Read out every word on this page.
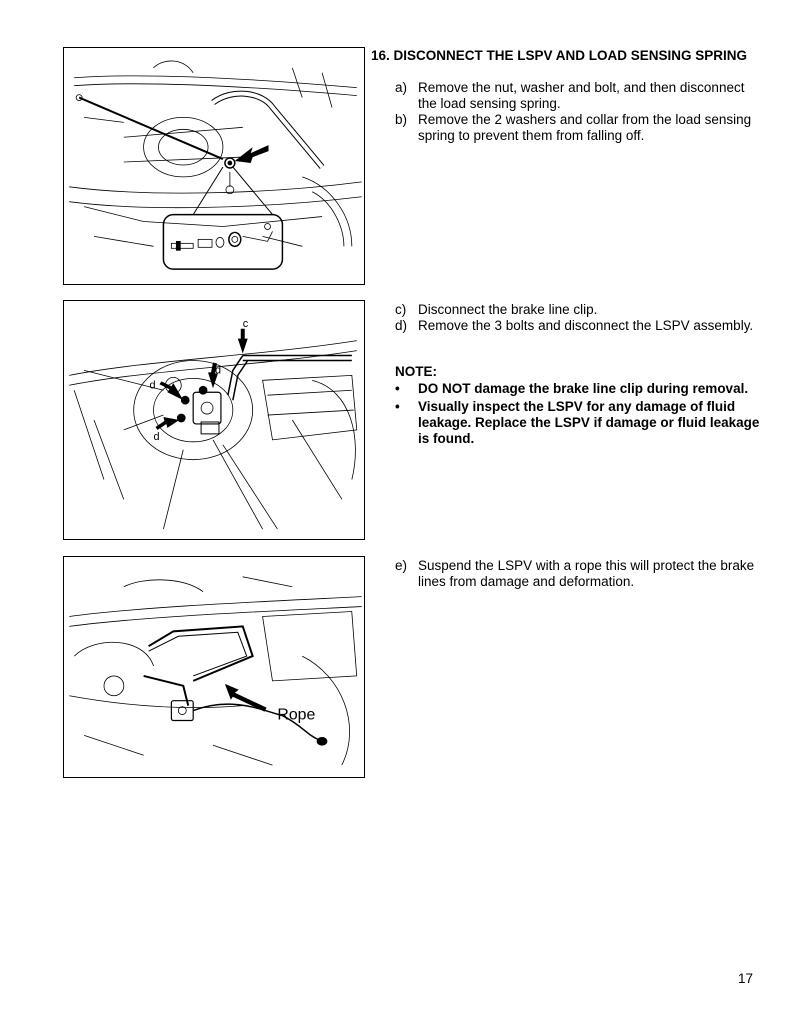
c
d
d
d
Rope
16. DISCONNECT THE LSPV AND LOAD SENSING SPRING
a) Remove the nut, washer and bolt, and then disconnect the load sensing spring.
b) Remove the 2 washers and collar from the load sensing spring to prevent them from falling off.
c) Disconnect the brake line clip.
d) Remove the 3 bolts and disconnect the LSPV assembly.
NOTE:
• DO NOT damage the brake line clip during removal.
• Visually inspect the LSPV for any damage of fluid leakage. Replace the LSPV if damage or fluid leakage is found.
e) Suspend the LSPV with a rope this will protect the brake lines from damage and deformation.
17
